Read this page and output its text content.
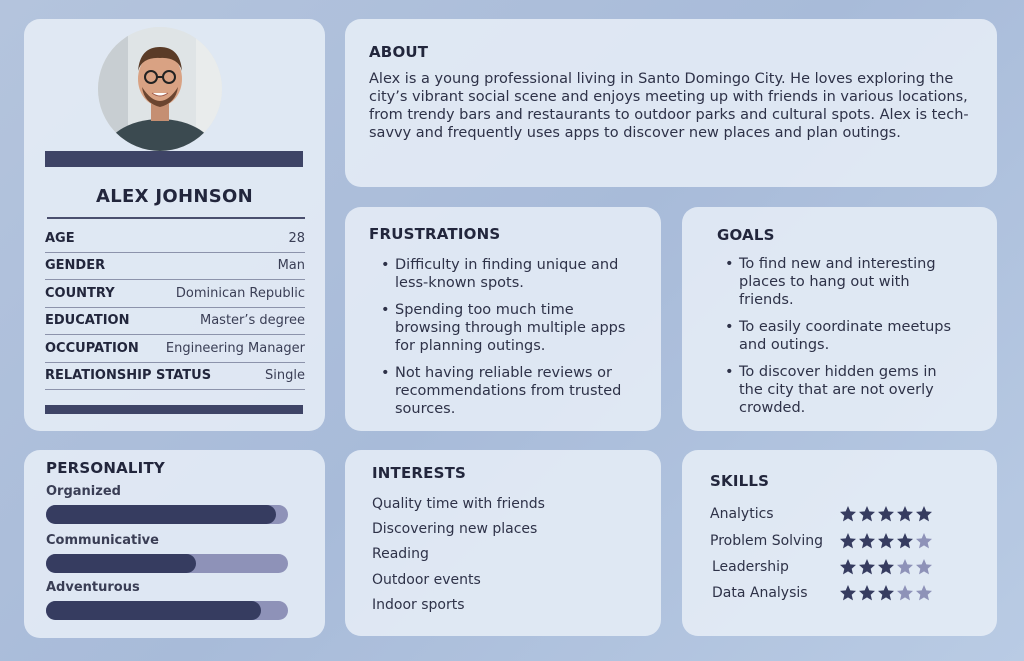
ALEX JOHNSON
AGE	28
GENDER	Man
COUNTRY	Dominican Republic
EDUCATION	Master’s degree
OCCUPATION Engineering Manager
RELATIONSHIP STATUS	Single
ABOUT
Alex is a young professional living in Santo Domingo City. He loves exploring the city’s vibrant social scene and enjoys meeting up with friends in various locations, from trendy bars and restaurants to outdoor parks and cultural spots. Alex is tech-savvy and frequently uses apps to discover new places and plan outings.
FRUSTRATIONS
• Difficulty in finding unique and less-known spots.
• Spending too much time browsing through multiple apps for planning outings.
• Not having reliable reviews or recommendations from trusted sources.
GOALS
• To find new and interesting places to hang out with friends.
• To easily coordinate meetups and outings.
• To discover hidden gems in the city that are not overly crowded.
PERSONALITY
Organized
Communicative
Adventurous
INTERESTS
Quality time with friends
Discovering new places
Reading
Outdoor events
Indoor sports
SKILLS
Analytics
Problem Solving
Leadership
Data Analysis
